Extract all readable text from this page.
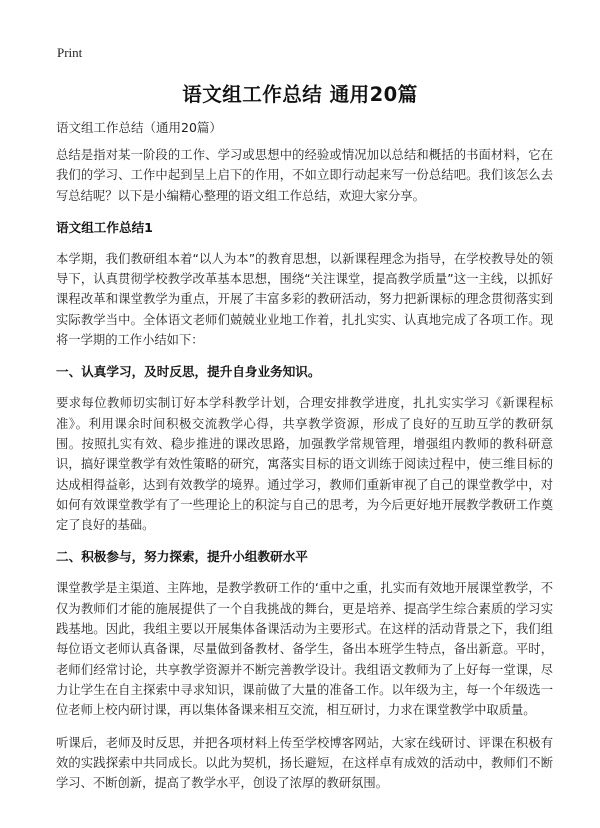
Print
语文组工作总结 通用20篇
语文组工作总结（通用20篇）

总结是指对某一阶段的工作、学习或思想中的经验或情况加以总结和概括的书面材料，它在我们的学习、工作中起到呈上启下的作用，不如立即行动起来写一份总结吧。我们该怎么去写总结呢？以下是小编精心整理的语文组工作总结，欢迎大家分享。

语文组工作总结1

本学期，我们教研组本着“以人为本”的教育思想，以新课程理念为指导，在学校教导处的领导下，认真贯彻学校教学改革基本思想，围绕“关注课堂，提高教学质量”这一主线，以抓好课程改革和课堂教学为重点，开展了丰富多彩的教研活动，努力把新课标的理念贯彻落实到实际教学当中。全体语文老师们兢兢业业地工作着，扎扎实实、认真地完成了各项工作。现将一学期的工作小结如下：

一、认真学习，及时反思，提升自身业务知识。

要求每位教师切实制订好本学科教学计划，合理安排教学进度，扎扎实实学习《新课程标准》。利用课余时间积极交流教学心得，共享教学资源，形成了良好的互助互学的教研氛围。按照扎实有效、稳步推进的课改思路，加强教学常规管理，增强组内教师的教科研意识，搞好课堂教学有效性策略的研究，寓落实目标的语文训练于阅读过程中，使三维目标的达成相得益彰，达到有效教学的境界。通过学习，教师们重新审视了自己的课堂教学中，对如何有效课堂教学有了一些理论上的积淀与自己的思考，为今后更好地开展教学教研工作奠定了良好的基础。

二、积极参与，努力探索，提升小组教研水平

课堂教学是主渠道、主阵地，是教学教研工作的‘重中之重，扎实而有效地开展课堂教学，不仅为教师们才能的施展提供了一个自我挑战的舞台，更是培养、提高学生综合素质的学习实践基地。因此，我组主要以开展集体备课活动为主要形式。在这样的活动背景之下，我们组每位语文老师认真备课，尽量做到备教材、备学生，备出本班学生特点，备出新意。平时，老师们经常讨论，共享教学资源并不断完善教学设计。我组语文教师为了上好每一堂课，尽力让学生在自主探索中寻求知识，课前做了大量的准备工作。以年级为主，每一个年级选一位老师上校内研讨课，再以集体备课来相互交流，相互研讨，力求在课堂教学中取质量。

听课后，老师及时反思，并把各项材料上传至学校博客网站，大家在线研讨、评课在积极有效的实践探索中共同成长。以此为契机，扬长避短，在这样卓有成效的活动中，教师们不断学习、不断创新，提高了教学水平，创设了浓厚的教研氛围。
